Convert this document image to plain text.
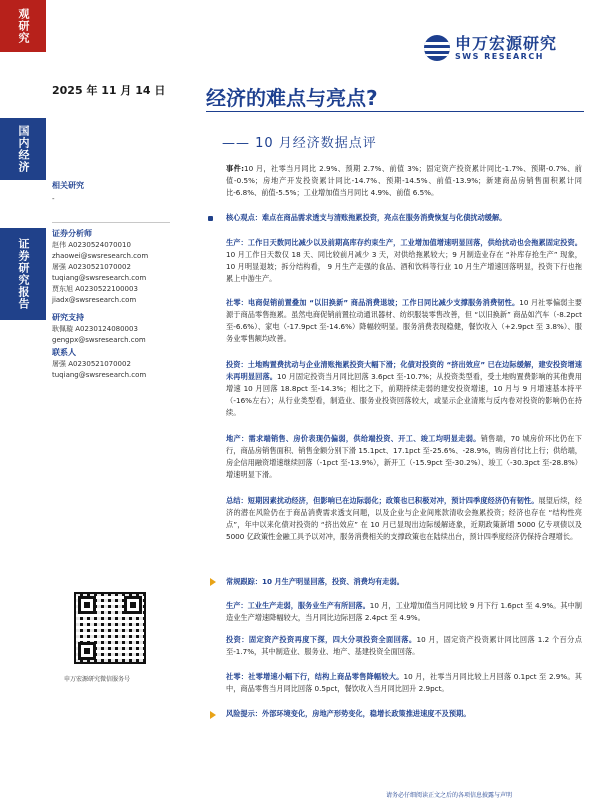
观研究
国内经济
证券研究报告
申万宏源研究
SWS RESEARCH
2025 年 11 月 14 日 经济的难点与亮点?
—— 10 月经济数据点评
相关研究
-
证券分析师
赵伟 A0230524070010
zhaowei@swsresearch.com
屠强 A0230521070002
tuqiang@swsresearch.com
贾东旭 A0230522100003
jiadx@swsresearch.com
研究支持
耿佩璇 A0230124080003
gengpx@swsresearch.com
联系人
屠强 A0230521070002
tuqiang@swsresearch.com
申万宏源研究微信服务号
事件:10 月，社零当月同比 2.9%、预期 2.7%、前值 3%；固定资产投资累计同比-1.7%、预期-0.7%、前值-0.5%；房地产开发投资累计同比-14.7%、预期-14.5%、前值-13.9%；新建商品房销售面积累计同比-6.8%、前值-5.5%；工业增加值当月同比 4.9%、前值 6.5%。
核心观点：难点在商品需求透支与清账拖累投资，亮点在服务消费恢复与化债扰动缓解。
生产：工作日天数同比减少以及前期高库存约束生产，工业增加值增速明显回落，供给扰动也会拖累固定投资。10 月工作日天数仅 18 天、同比较前月减少 3 天，对供给拖累较大；9 月制造业存在 “补库存抢生产” 现象，10 月明显退坡；拆分结构看， 9 月生产走强的食品、酒和饮料等行业 10 月生产增速回落明显，投资下行也拖累上中游生产。
社零：电商促销前置叠加 “以旧换新” 商品消费退坡；工作日同比减少支撑服务消费韧性。10 月社零偏弱主要源于商品零售拖累。虽然电商促销前置拉动通讯器材、纺织服装零售改善，但 “以旧换新” 商品如汽车（-8.2pct 至-6.6%）、家电（-17.9pct 至-14.6%）降幅较明显。服务消费表现稳健，餐饮收入（+2.9pct 至 3.8%）、服务业零售额均改善。
投资：土地购置费扰动与企业清账拖累投资大幅下滑；化债对投资的 “挤出效应” 已在边际缓解，建安投资增速未再明显回落。10 月固定投资当月同比回落 3.6pct 至-10.7%；从投资类型看，受土地购置费影响的其他费用增速 10 月回落 18.8pct 至-14.3%；相比之下，前期持续走弱的建安投资增速，10 月与 9 月增速基本持平（-16%左右）；从行业类型看，制造业、服务业投资回落较大，或显示企业清账与反内卷对投资的影响仍在持续。
地产：需求端销售、房价表现仍偏弱，供给端投资、开工、竣工均明显走弱。销售端，70 城房价环比仍在下行，商品房销售面积、销售金额分别下滑 15.1pct、17.1pct 至-25.6%、-28.9%，购房首付比上行；供给端，房企信用融资增速继续回落（-1pct 至-13.9%），新开工（-15.9pct 至-30.2%）、竣工（-30.3pct 至-28.8%）增速明显下滑。
总结：短期因素扰动经济，但影响已在边际弱化；政策也已积极对冲，预计四季度经济仍有韧性。展望后续，经济的潜在风险仍在于商品消费需求透支问题，以及企业与企业间账款清收会拖累投资；经济也存在 “结构性亮点”，年中以来化债对投资的 “挤出效应” 在 10 月已显现出边际缓解迹象，近期政策新增 5000 亿专项债以及 5000 亿政策性金融工具予以对冲，服务消费相关的支撑政策也在陆续出台，预计四季度经济仍保持合理增长。
常规跟踪：10 月生产明显回落，投资、消费均有走弱。
生产：工业生产走弱，服务业生产有所回落。10 月，工业增加值当月同比较 9 月下行 1.6pct 至 4.9%。其中制造业生产增速降幅较大，当月同比边际回落 2.4pct 至 4.9%。
投资：固定资产投资再度下探，四大分项投资全面回落。10 月，固定资产投资累计同比回落 1.2 个百分点至-1.7%，其中制造业、服务业、地产、基建投资全面回落。
社零：社零增速小幅下行，结构上商品零售降幅较大。10 月，社零当月同比较上月回落 0.1pct 至 2.9%。其中，商品零售当月同比回落 0.5pct，餐饮收入当月同比回升 2.9pct。
风险提示：外部环境变化，房地产形势变化，稳增长政策推进速度不及预期。
请务必仔细阅读正文之后的各项信息披露与声明
